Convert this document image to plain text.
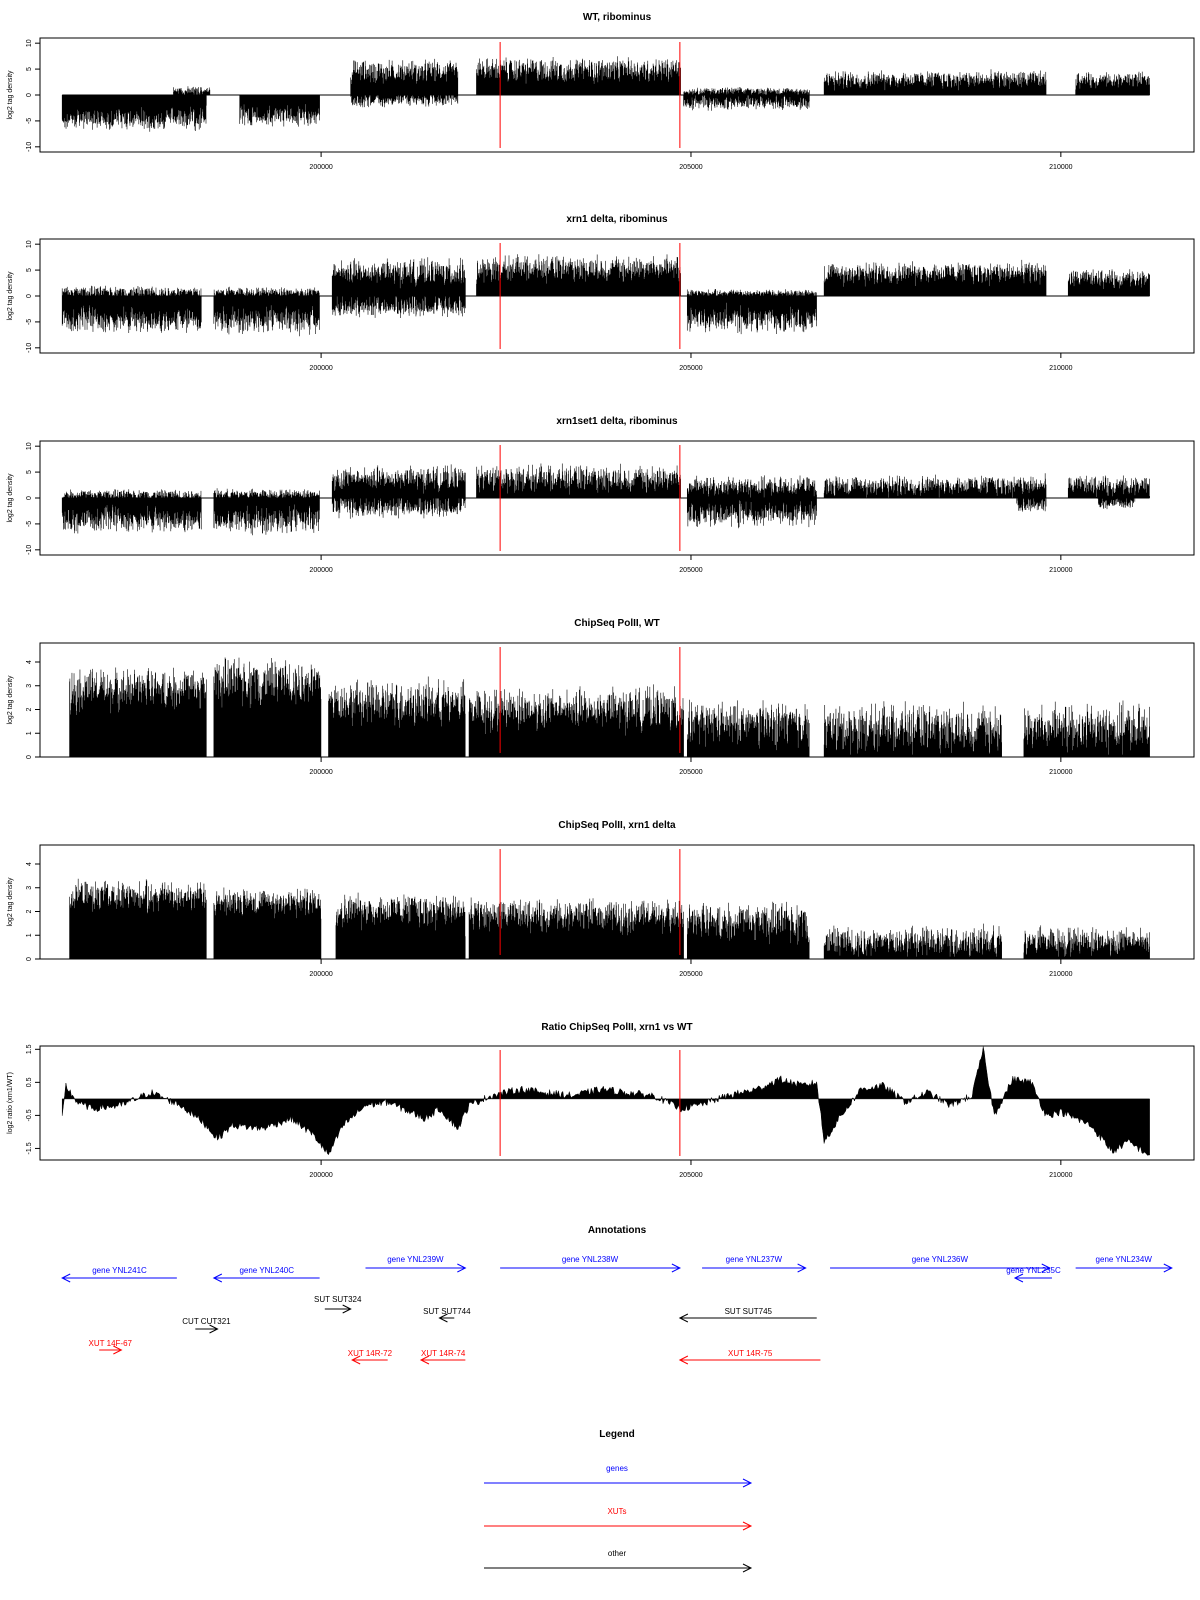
WT, ribominus
-10
-5
0
5
10
log2 tag density
200000	205000	210000
xrn1 delta, ribominus
-10
-5
0
5
10
log2 tag density
200000	205000	210000
xrn1set1 delta, ribominus
-10
-5
0
5
10
log2 tag density
200000	205000	210000
ChipSeq PolII, WT
0
1
2
3
4
log2 tag density
200000	205000	210000
ChipSeq PolII, xrn1 delta
0
1
2
3
4
log2 tag density
200000	205000	210000
Ratio ChipSeq PolII, xrn1 vs WT
-1.5
-0.5
0.5
1.5
log2 ratio (xrn1/WT)
200000	205000	210000
Annotations
gene YNL241C	gene YNL240C
gene YNL239W	gene YNL238W	gene YNL237W	gene YNL236W
gene YNL235C
gene YNL234W
SUT SUT324
SUT SUT744	SUT SUT745
CUT CUT321
XUT 14F-67
XUT 14R-72	XUT 14R-74	XUT 14R-75
Legend
genes
XUTs
other
